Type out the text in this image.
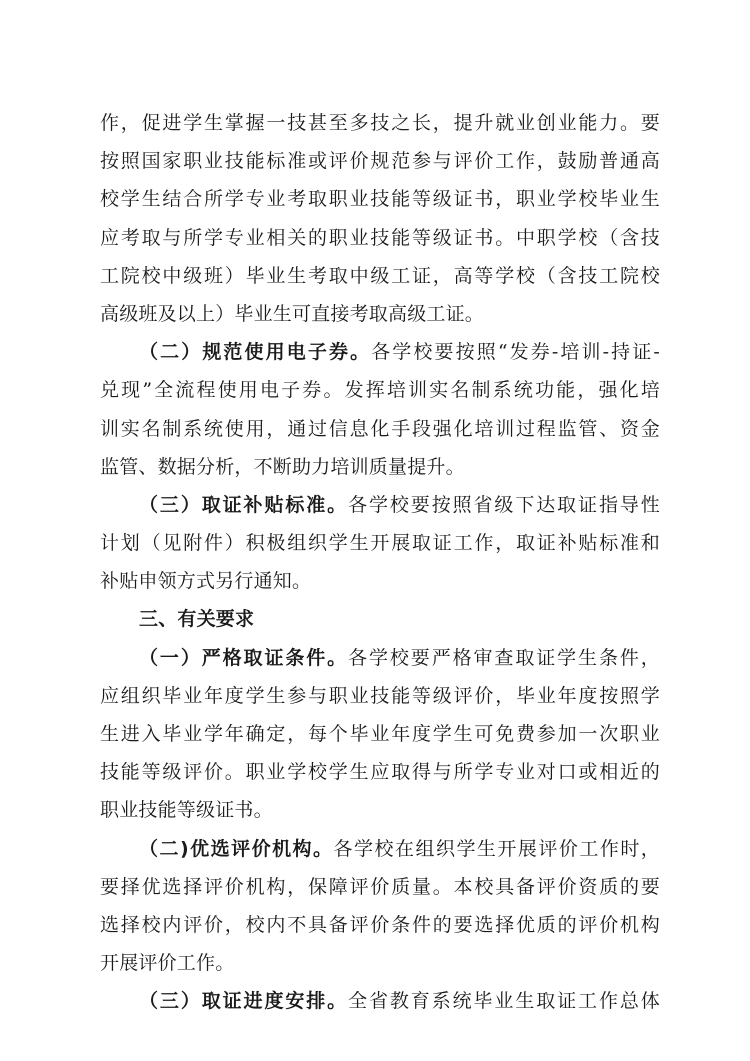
作，促进学生掌握一技甚至多技之长，提升就业创业能力。要
按照国家职业技能标准或评价规范参与评价工作，鼓励普通高
校学生结合所学专业考取职业技能等级证书，职业学校毕业生
应考取与所学专业相关的职业技能等级证书。中职学校（含技
工院校中级班）毕业生考取中级工证，高等学校（含技工院校
高级班及以上）毕业生可直接考取高级工证。
（二）规范使用电子券。各学校要按照“发券-培训-持证-
兑现”全流程使用电子券。发挥培训实名制系统功能，强化培
训实名制系统使用，通过信息化手段强化培训过程监管、资金
监管、数据分析，不断助力培训质量提升。
（三）取证补贴标准。各学校要按照省级下达取证指导性
计划（见附件）积极组织学生开展取证工作，取证补贴标准和
补贴申领方式另行通知。
三、有关要求
（一）严格取证条件。各学校要严格审查取证学生条件，
应组织毕业年度学生参与职业技能等级评价，毕业年度按照学
生进入毕业学年确定，每个毕业年度学生可免费参加一次职业
技能等级评价。职业学校学生应取得与所学专业对口或相近的
职业技能等级证书。
（二)优选评价机构。各学校在组织学生开展评价工作时，
要择优选择评价机构，保障评价质量。本校具备评价资质的要
选择校内评价，校内不具备评价条件的要选择优质的评价机构
开展评价工作。
（三）取证进度安排。全省教育系统毕业生取证工作总体
